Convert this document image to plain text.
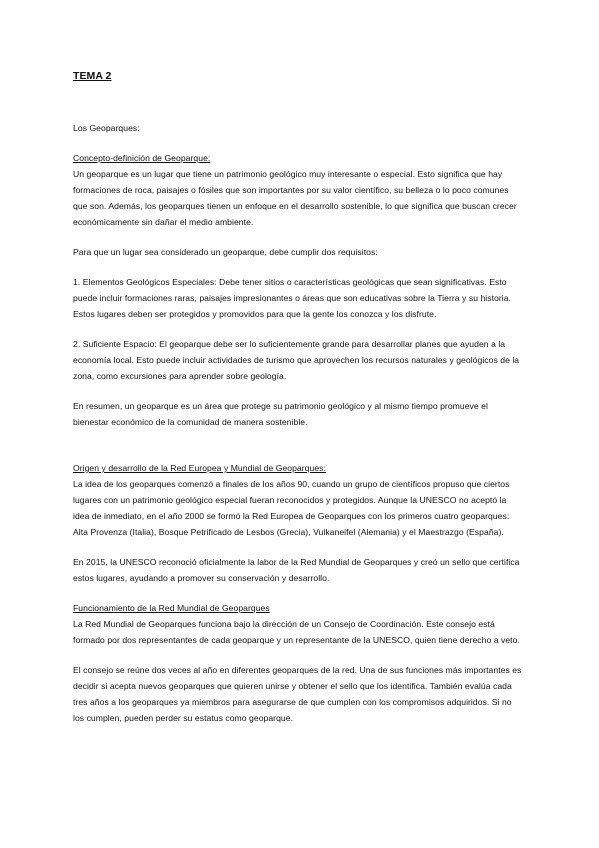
TEMA 2
Los Geoparques:
Concepto-definición de Geoparque:

Un geoparque es un lugar que tiene un patrimonio geológico muy interesante o especial. Esto significa que hay formaciones de roca, paisajes o fósiles que son importantes por su valor científico, su belleza o lo poco comunes que son. Además, los geoparques tienen un enfoque en el desarrollo sostenible, lo que significa que buscan crecer económicamente sin dañar el medio ambiente.

Para que un lugar sea considerado un geoparque, debe cumplir dos requisitos:

1. Elementos Geológicos Especiales: Debe tener sitios o características geológicas que sean significativas. Esto puede incluir formaciones raras, paisajes impresionantes o áreas que son educativas sobre la Tierra y su historia. Estos lugares deben ser protegidos y promovidos para que la gente los conozca y los disfrute.

2. Suficiente Espacio: El geoparque debe ser lo suficientemente grande para desarrollar planes que ayuden a la economía local. Esto puede incluir actividades de turismo que aprovechen los recursos naturales y geológicos de la zona, como excursiones para aprender sobre geología.

En resumen, un geoparque es un área que protege su patrimonio geológico y al mismo tiempo promueve el bienestar económico de la comunidad de manera sostenible.

Origen y desarrollo de la Red Europea y Mundial de Geoparques:

La idea de los geoparques comenzó a finales de los años 90, cuando un grupo de científicos propuso que ciertos lugares con un patrimonio geológico especial fueran reconocidos y protegidos. Aunque la UNESCO no aceptó la idea de inmediato, en el año 2000 se formó la Red Europea de Geoparques con los primeros cuatro geoparques: Alta Provenza (Italia), Bosque Petrificado de Lesbos (Grecia), Vulkaneifel (Alemania) y el Maestrazgo (España).

En 2015, la UNESCO reconoció oficialmente la labor de la Red Mundial de Geoparques y creó un sello que certifica estos lugares, ayudando a promover su conservación y desarrollo.

Funcionamiento de la Red Mundial de Geoparques

La Red Mundial de Geoparques funciona bajo la dirección de un Consejo de Coordinación. Este consejo está formado por dos representantes de cada geoparque y un representante de la UNESCO, quien tiene derecho a veto.

El consejo se reúne dos veces al año en diferentes geoparques de la red. Una de sus funciones más importantes es decidir si acepta nuevos geoparques que quieren unirse y obtener el sello que los identifica. También evalúa cada tres años a los geoparques ya miembros para asegurarse de que cumplen con los compromisos adquiridos. Si no los cumplen, pueden perder su estatus como geoparque.
